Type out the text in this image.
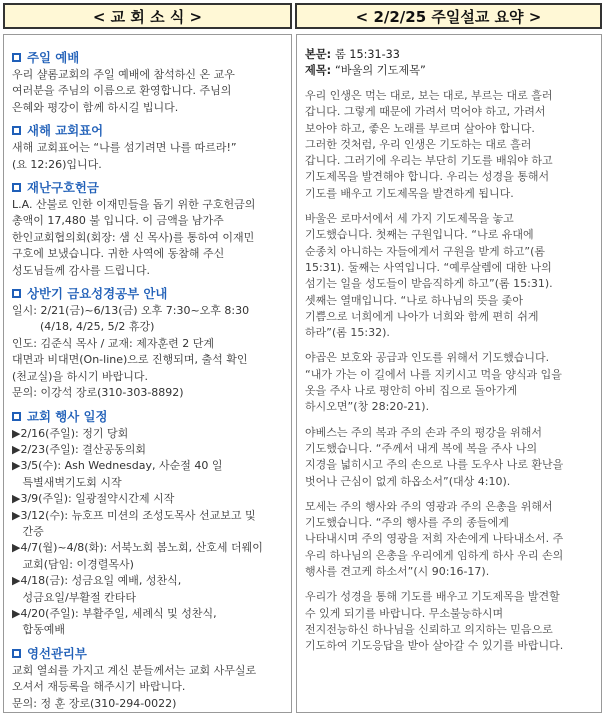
< 교 회 소 식 >	< 2/2/25 주일설교 요약 >
주일 예배

우리 샬롬교회의 주일 예배에 참석하신 온 교우
여러분을 주님의 이름으로 환영합니다. 주님의
은혜와 평강이 함께 하시길 빕니다.

새해 교회표어

새해 교회표어는 “나를 섬기려면 나를 따르라!”
(요 12:26)입니다.

재난구호헌금

L.A. 산불로 인한 이재민들을 돕기 위한 구호헌금의
총액이 17,480 불 입니다. 이 금액을 남가주
한인교회협의회(회장: 샘 신 목사)를 통하여 이재민
구호에 보냈습니다. 귀한 사역에 동참해 주신
성도님들께 감사를 드립니다.

상반기 금요성경공부 안내

일시: 2/21(금)~6/13(금) 오후 7:30~오후 8:30
(4/18, 4/25, 5/2 휴강)
인도: 김준식 목사 / 교재: 제자훈련 2 단계
대면과 비대면(On-line)으로 진행되며, 출석 확인
(천교실)을 하시기 바랍니다.
문의: 이강석 장로(310-303-8892)

교회 행사 일정
▶2/16(주일): 정기 당회
▶2/23(주일): 결산공동의회
▶3/5(수): Ash Wednesday, 사순절 40 일
특별새벽기도회 시작
▶3/9(주일): 일광절약시간제 시작
▶3/12(수): 뉴호프 미션의 조성도목사 선교보고 및
간증
▶4/7(월)~4/8(화): 서북노회 봄노회, 산호세 더웨이
교회(담임: 이경렬목사)
▶4/18(금): 성금요일 예배, 성찬식,
성금요일/부활절 칸타타
▶4/20(주일): 부활주일, 세례식 및 성찬식,
합동예배
영선관리부

교회 열쇠를 가지고 계신 분들께서는 교회 사무실로
오셔서 재등록을 해주시기 바랍니다.
문의: 정 훈 장로(310-294-0022)

본문: 롬 15:31-33
제목: “바울의 기도제목”
우리 인생은 먹는 대로, 보는 대로, 부르는 대로 흘러
갑니다. 그렇게 때문에 가려서 먹어야 하고, 가려서
보아야 하고, 좋은 노래를 부르며 살아야 합니다.
그러한 것처럼, 우리 인생은 기도하는 대로 흘러
갑니다. 그러기에 우리는 부단히 기도를 배워야 하고
기도제목을 발견해야 합니다. 우리는 성경을 통해서
기도를 배우고 기도제목을 발견하게 됩니다.
바울은 로마서에서 세 가지 기도제목을 놓고
기도했습니다. 첫째는 구원입니다. “나로 유대에
순종치 아니하는 자들에게서 구원을 받게 하고”(롬
15:31). 둘째는 사역입니다. “예루살렘에 대한 나의
섬기는 일을 성도들이 받음직하게 하고”(롬 15:31).
셋째는 열매입니다. “나로 하나님의 뜻을 좇아
기쁨으로 너희에게 나아가 너희와 함께 편히 쉬게
하라”(롬 15:32).
야곱은 보호와 공급과 인도를 위해서 기도했습니다.
“내가 가는 이 길에서 나를 지키시고 먹을 양식과 입을
옷을 주사 나로 평안히 아비 집으로 돌아가게
하시오면”(창 28:20-21).
야베스는 주의 복과 주의 손과 주의 평강을 위해서
기도했습니다. “주께서 내게 복에 복을 주사 나의
지경을 넓히시고 주의 손으로 나를 도우사 나로 환난을
벗어나 근심이 없게 하옵소서”(대상 4:10).
모세는 주의 행사와 주의 영광과 주의 은총을 위해서
기도했습니다. “주의 행사를 주의 종들에게
나타내시며 주의 영광을 저희 자손에게 나타내소서. 주
우리 하나님의 은총을 우리에게 임하게 하사 우리 손의
행사를 견고케 하소서”(시 90:16-17).
우리가 성경을 통해 기도를 배우고 기도제목을 발견할
수 있게 되기를 바랍니다. 무소불능하시며
전지전능하신 하나님을 신뢰하고 의지하는 믿음으로
기도하여 기도응답을 받아 살아갈 수 있기를 바랍니다.
